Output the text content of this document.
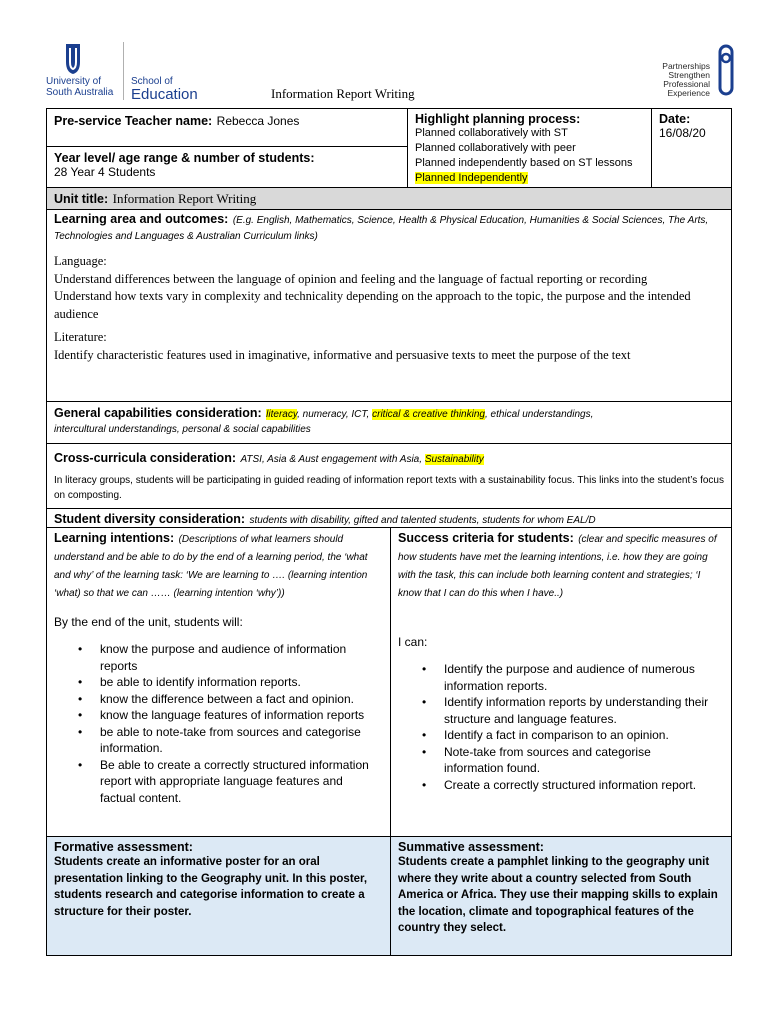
University of South Australia
School of
Education	Information Report Writing
Partnerships Strengthen Professional Experience
Pre-service Teacher name: Rebecca Jones
Year level/ age range & number of students:
28 Year 4 Students
Highlight planning process:
Planned collaboratively with ST
Planned collaboratively with peer
Planned independently based on ST lessons
Planned Independently
Date:
16/08/20
Unit title: Information Report Writing
Learning area and outcomes: (E.g. English, Mathematics, Science, Health & Physical Education, Humanities & Social Sciences, The Arts, Technologies and Languages & Australian Curriculum links)
Language:
Understand differences between the language of opinion and feeling and the language of factual reporting or recording
Understand how texts vary in complexity and technicality depending on the approach to the topic, the purpose and the intended audience
Literature:
Identify characteristic features used in imaginative, informative and persuasive texts to meet the purpose of the text
General capabilities consideration: literacy, numeracy, ICT, critical & creative thinking, ethical understandings,
intercultural understandings, personal & social capabilities
Cross-curricula consideration: ATSI, Asia & Aust engagement with Asia, Sustainability
In literacy groups, students will be participating in guided reading of information report texts with a sustainability focus. This links into the student’s focus on composting.
Student diversity consideration: students with disability, gifted and talented students, students for whom EAL/D
Learning intentions: (Descriptions of what learners should understand and be able to do by the end of a learning period, the ‘what and why’ of the learning task: ‘We are learning to …. (learning intention ‘what) so that we can …… (learning intention ‘why’))
By the end of the unit, students will:
• know the purpose and audience of information reports
• be able to identify information reports.
• know the difference between a fact and opinion.
• know the language features of information reports
• be able to note-take from sources and categorise information.
• Be able to create a correctly structured information report with appropriate language features and factual content.
Success criteria for students: (clear and specific measures of how students have met the learning intentions, i.e. how they are going with the task, this can include both learning content and strategies; ‘I know that I can do this when I have..)
I can:
• Identify the purpose and audience of numerous information reports.
• Identify information reports by understanding their structure and language features.
• Identify a fact in comparison to an opinion.
• Note-take from sources and categorise information found.
• Create a correctly structured information report.
Formative assessment:
Students create an informative poster for an oral presentation linking to the Geography unit. In this poster, students research and categorise information to create a structure for their poster.
Summative assessment:
Students create a pamphlet linking to the geography unit where they write about a country selected from South America or Africa. They use their mapping skills to explain the location, climate and topographical features of the country they select.
